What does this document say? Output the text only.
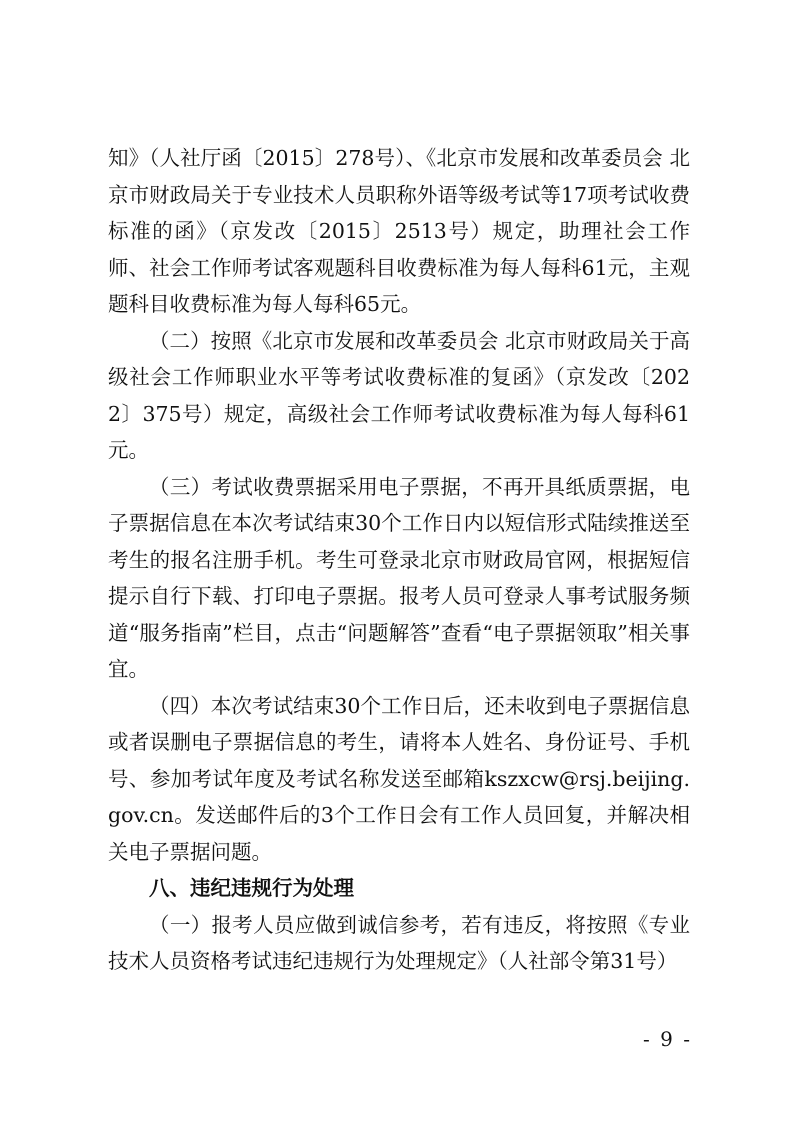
知》（人社厅函〔2015〕278号）、《北京市发展和改革委员会 北京市财政局关于专业技术人员职称外语等级考试等17项考试收费标准的函》（京发改〔2015〕2513号）规定，助理社会工作师、社会工作师考试客观题科目收费标准为每人每科61元，主观题科目收费标准为每人每科65元。

（二）按照《北京市发展和改革委员会 北京市财政局关于高级社会工作师职业水平等考试收费标准的复函》（京发改〔2022〕375号）规定，高级社会工作师考试收费标准为每人每科61元。

（三）考试收费票据采用电子票据，不再开具纸质票据，电子票据信息在本次考试结束30个工作日内以短信形式陆续推送至考生的报名注册手机。考生可登录北京市财政局官网，根据短信提示自行下载、打印电子票据。报考人员可登录人事考试服务频道“服务指南”栏目，点击“问题解答”查看“电子票据领取”相关事宜。

（四）本次考试结束30个工作日后，还未收到电子票据信息或者误删电子票据信息的考生，请将本人姓名、身份证号、手机号、参加考试年度及考试名称发送至邮箱kszxcw@rsj.beijing.gov.cn。发送邮件后的3个工作日会有工作人员回复，并解决相关电子票据问题。

八、违纪违规行为处理

（一）报考人员应做到诚信参考，若有违反，将按照《专业技术人员资格考试违纪违规行为处理规定》（人社部令第31号）

- 9 -
